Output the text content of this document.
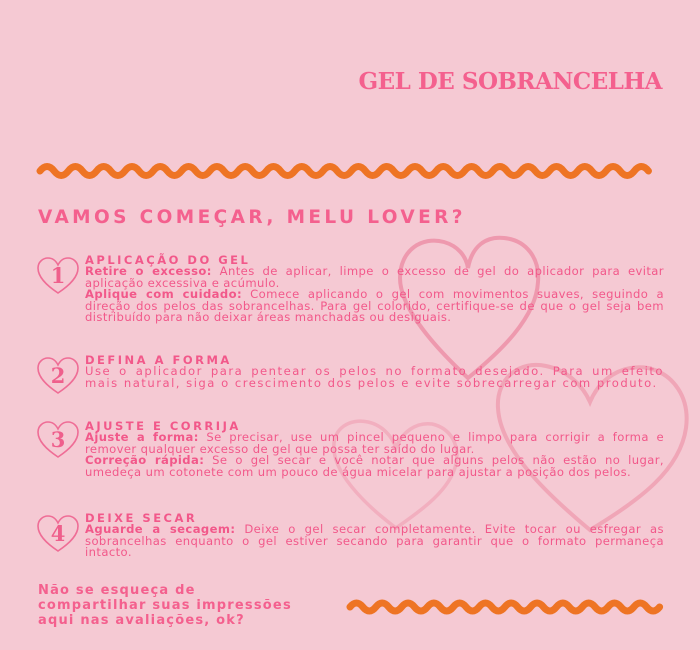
GEL DE SOBRANCELHA
VAMOS COMEÇAR, MELU LOVER?
1

APLICAÇÃO DO GEL

Retire o excesso: Antes de aplicar, limpe o excesso de gel do aplicador para evitar aplicação excessiva e acúmulo.

Aplique com cuidado: Comece aplicando o gel com movimentos suaves, seguindo a direção dos pelos das sobrancelhas. Para gel colorido, certifique-se de que o gel seja bem distribuído para não deixar áreas manchadas ou desiguais.

2

DEFINA A FORMA

Use o aplicador para pentear os pelos no formato desejado. Para um efeito mais natural, siga o crescimento dos pelos e evite sobrecarregar com produto.

3

AJUSTE E CORRIJA

Ajuste a forma: Se precisar, use um pincel pequeno e limpo para corrigir a forma e remover qualquer excesso de gel que possa ter saído do lugar.

Correção rápida: Se o gel secar e você notar que alguns pelos não estão no lugar, umedeça um cotonete com um pouco de água micelar para ajustar a posição dos pelos.

4

DEIXE SECAR

Aguarde a secagem: Deixe o gel secar completamente. Evite tocar ou esfregar as sobrancelhas enquanto o gel estiver secando para garantir que o formato permaneça intacto.

Não se esqueça de
compartilhar suas impressões
aqui nas avaliações, ok?
